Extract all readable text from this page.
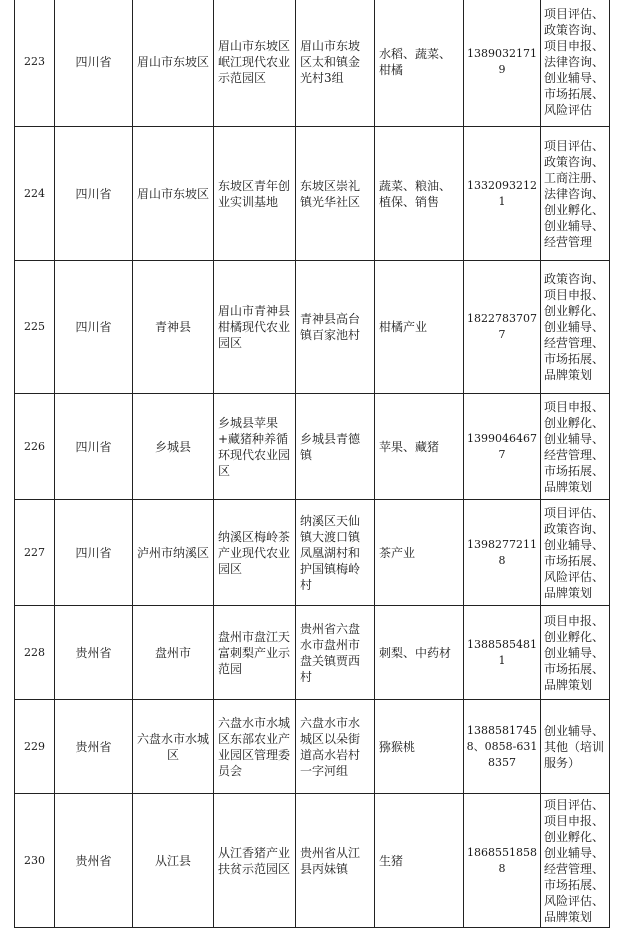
223	四川省	眉山市东坡区	眉山市东坡区岷江现代农业示范园区	眉山市东坡区太和镇金光村3组	水稻、蔬菜、柑橘	13890321719	项目评估、政策咨询、项目申报、法律咨询、创业辅导、市场拓展、风险评估
224	四川省	眉山市东坡区	东坡区青年创业实训基地	东坡区崇礼镇光华社区	蔬菜、粮油、植保、销售	13320932121	项目评估、政策咨询、工商注册、法律咨询、创业孵化、创业辅导、经营管理
225	四川省	青神县	眉山市青神县柑橘现代农业园区	青神县高台镇百家池村	柑橘产业	18227837077	政策咨询、项目申报、创业孵化、创业辅导、经营管理、市场拓展、品牌策划
226	四川省	乡城县	乡城县苹果+藏猪种养循环现代农业园区	乡城县青德镇	苹果、藏猪	13990464677	项目申报、创业孵化、创业辅导、经营管理、市场拓展、品牌策划
227	四川省	泸州市纳溪区	纳溪区梅岭茶产业现代农业园区	纳溪区天仙镇大渡口镇凤凰湖村和护国镇梅岭村	茶产业	13982772118	项目评估、政策咨询、创业辅导、市场拓展、风险评估、品牌策划
228	贵州省	盘州市	盘州市盘江天富刺梨产业示范园	贵州省六盘水市盘州市盘关镇贾西村	刺梨、中药材	13885854811	项目申报、创业孵化、创业辅导、市场拓展、品牌策划
229	贵州省	六盘水市水城区	六盘水市水城区东部农业产业园区管理委员会	六盘水市水城区以朵街道高水岩村一字河组	猕猴桃	13885817458、0858-6318357	创业辅导、其他（培训服务）
230	贵州省	从江县	从江香猪产业扶贫示范园区	贵州省从江县丙妹镇	生猪	18685518588	项目评估、项目申报、创业孵化、创业辅导、经营管理、市场拓展、风险评估、品牌策划
